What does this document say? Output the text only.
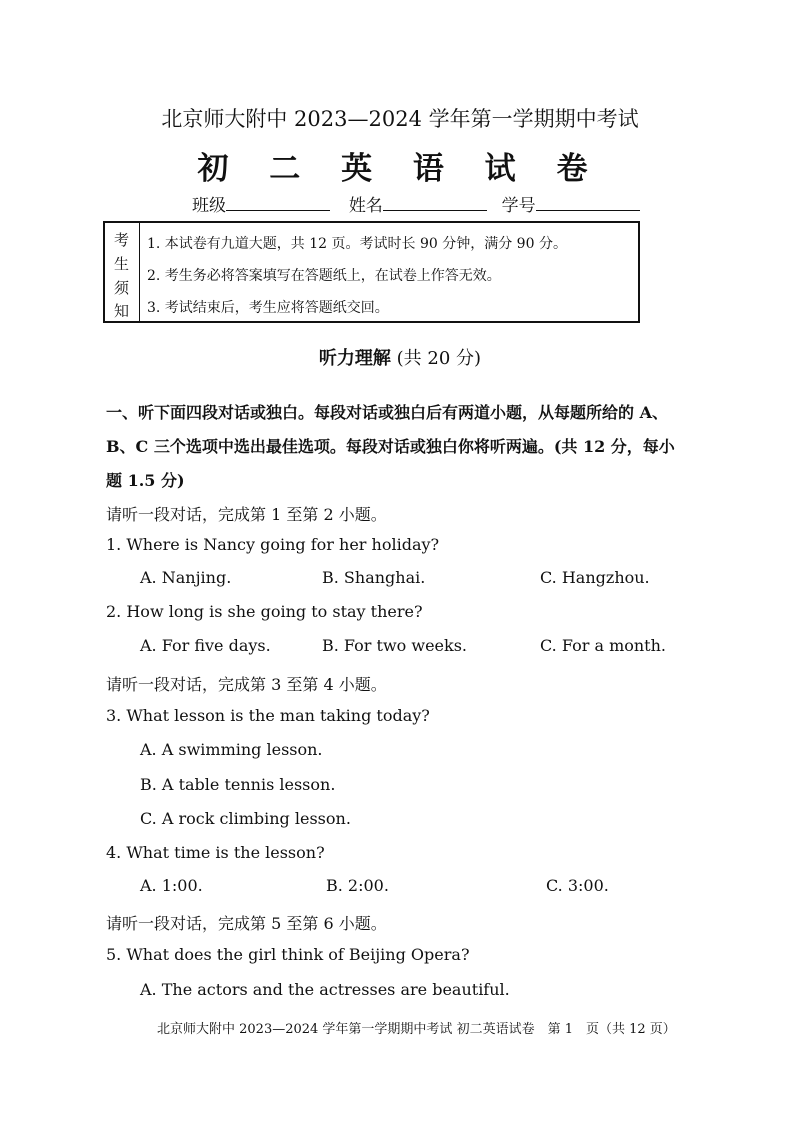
北京师大附中 2023—2024 学年第一学期期中考试
初 二 英 语 试 卷
班级	姓名	学号
考
生
须
知
1. 本试卷有九道大题，共 12 页。考试时长 90 分钟，满分 90 分。
2. 考生务必将答案填写在答题纸上，在试卷上作答无效。
3. 考试结束后，考生应将答题纸交回。
听力理解 (共 20 分)
一、听下面四段对话或独白。每段对话或独白后有两道小题，从每题所给的 A、
B、C 三个选项中选出最佳选项。每段对话或独白你将听两遍。(共 12 分，每小
题 1.5 分)
请听一段对话，完成第 1 至第 2 小题。
1. Where is Nancy going for her holiday?
A. Nanjing.	B. Shanghai.	C. Hangzhou.
2. How long is she going to stay there?
A. For five days.	B. For two weeks.	C. For a month.
请听一段对话，完成第 3 至第 4 小题。
3. What lesson is the man taking today?
A. A swimming lesson.
B. A table tennis lesson.
C. A rock climbing lesson.
4. What time is the lesson?
A. 1:00.	B. 2:00.	C. 3:00.
请听一段对话，完成第 5 至第 6 小题。
5. What does the girl think of Beijing Opera?
A. The actors and the actresses are beautiful.
北京师大附中 2023—2024 学年第一学期期中考试 初二英语试卷　第 1　页（共 12 页）
